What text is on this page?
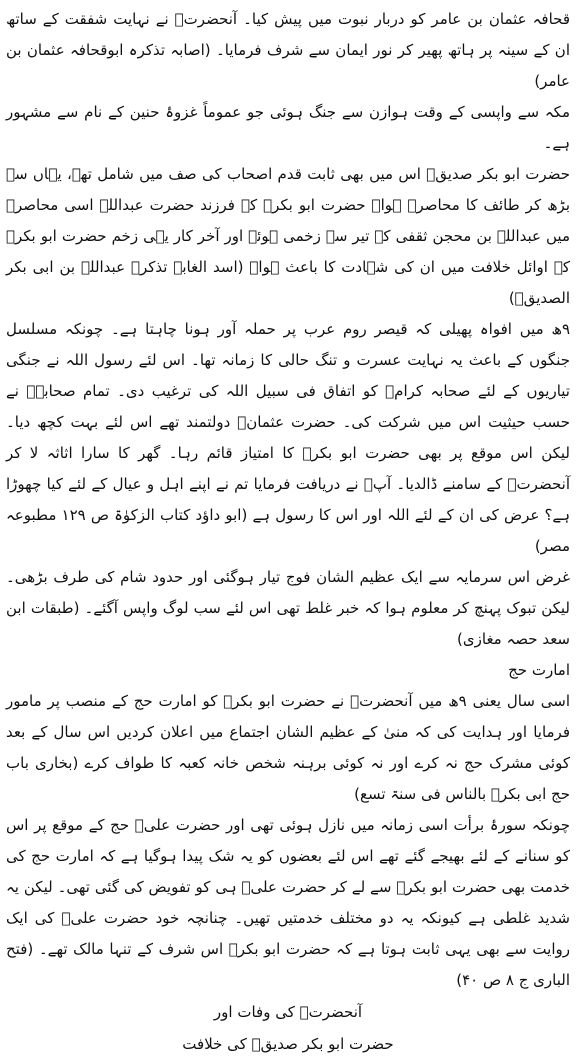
قحافہ عثمان بن عامر کو دربار نبوت میں پیش کیا۔ آنحضرتؐ نے نہایت شفقت کے ساتھ ان کے سینہ پر ہاتھ پھیر کر نور ایمان سے شرف فرمایا۔ (اصابہ تذکرہ ابوقحافہ عثمان بن عامر)

مکہ سے واپسی کے وقت ہوازن سے جنگ ہوئی جو عموماً غزوۂ حنین کے نام سے مشہور ہے۔

حضرت ابو بکر صدیقؓ اس میں بھی ثابت قدم اصحاب کی صف میں شامل تھے، یہاں سے بڑھ کر طائف کا محاصرہ ہوا۔ حضرت ابو بکرؓ کے فرزند حضرت عبداللہ اسی محاصرہ میں عبداللہ بن محجن ثقفی کے تیر سے زخمی ہوئے اور آخر کار یہی زخم حضرت ابو بکرؓ کے اوائل خلافت میں ان کی شہادت کا باعث ہوا۔ (اسد الغابہ تذکرہ عبداللہ بن ابی بکر الصدیقؓ)

۹ھ میں افواہ پھیلی کہ قیصر روم عرب پر حملہ آور ہونا چاہتا ہے۔ چونکہ مسلسل جنگوں کے باعث یہ نہایت عسرت و تنگ حالی کا زمانہ تھا۔ اس لئے رسول اللہ نے جنگی تیاریوں کے لئے صحابہ کرامؓ کو اتفاق فی سبیل اللہ کی ترغیب دی۔ تمام صحابہؓ نے حسب حیثیت اس میں شرکت کی۔ حضرت عثمانؓ دولتمند تھے اس لئے بہت کچھ دیا۔ لیکن اس موقع پر بھی حضرت ابو بکرؓ کا امتیاز قائم رہا۔ گھر کا سارا اثاثہ لا کر آنحضرتؐ کے سامنے ڈالدیا۔ آپؐ نے دریافت فرمایا تم نے اپنے اہل و عیال کے لئے کیا چھوڑا ہے؟ عرض کی ان کے لئے اللہ اور اس کا رسول ہے (ابو داؤد کتاب الزکوٰۃ ص ۱۲۹ مطبوعہ مصر)

غرض اس سرمایہ سے ایک عظیم الشان فوج تیار ہوگئی اور حدود شام کی طرف بڑھی۔ لیکن تبوک پہنچ کر معلوم ہوا کہ خبر غلط تھی اس لئے سب لوگ واپس آگئے۔ (طبقات ابن سعد حصہ مغازی)

امارت حج

اسی سال یعنی ۹ھ میں آنحضرتؐ نے حضرت ابو بکرؓ کو امارت حج کے منصب پر مامور فرمایا اور ہدایت کی کہ منیٰ کے عظیم الشان اجتماع میں اعلان کردیں اس سال کے بعد کوئی مشرک حج نہ کرے اور نہ کوئی برہنہ شخص خانہ کعبہ کا طواف کرے (بخاری باب حج ابی بکرؓ بالناس فی سنۃ تسع)

چونکہ سورۂ برأت اسی زمانہ میں نازل ہوئی تھی اور حضرت علیؓ حج کے موقع پر اس کو سنانے کے لئے بھیجے گئے تھے اس لئے بعضوں کو یہ شک پیدا ہوگیا ہے کہ امارت حج کی خدمت بھی حضرت ابو بکرؓ سے لے کر حضرت علیؓ ہی کو تفویض کی گئی تھی۔ لیکن یہ شدید غلطی ہے کیونکہ یہ دو مختلف خدمتیں تھیں۔ چنانچہ خود حضرت علیؓ کی ایک روایت سے بھی یہی ثابت ہوتا ہے کہ حضرت ابو بکرؓ اس شرف کے تنہا مالک تھے۔ (فتح الباری ج ۸ ص ۴۰)

آنحضرتؐ کی وفات اور

حضرت ابو بکر صدیقؓ کی خلافت
